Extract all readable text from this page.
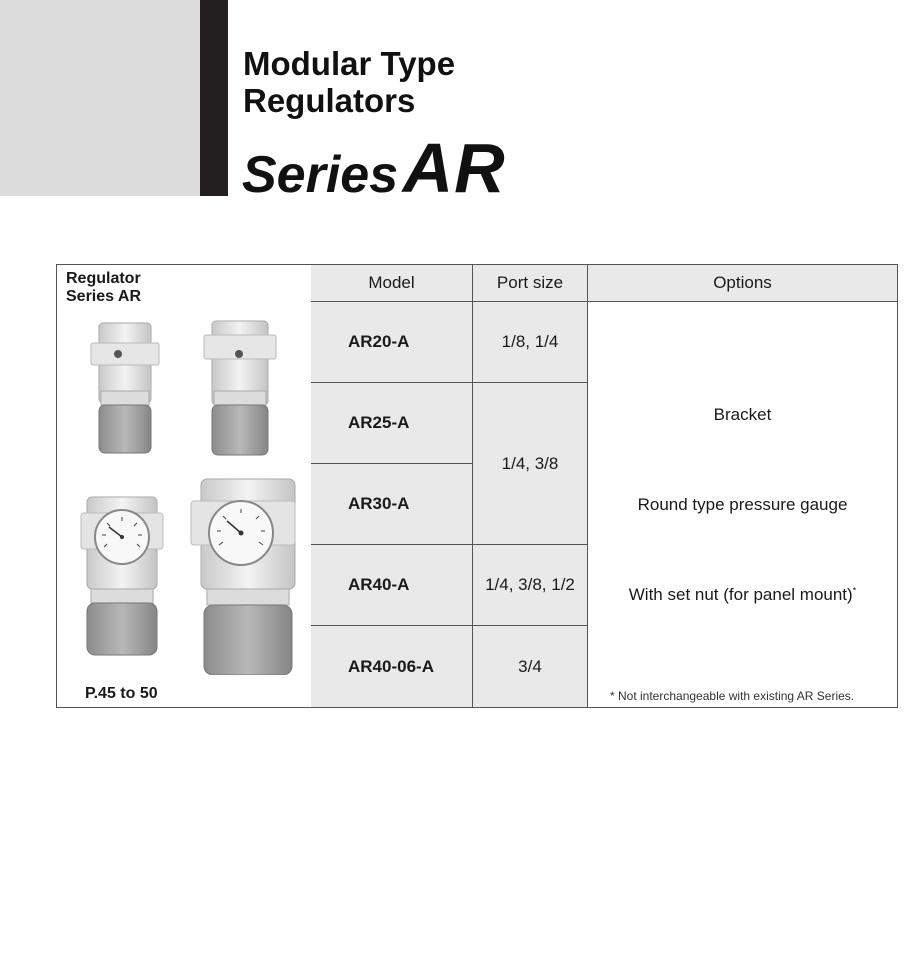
Modular Type
Regulators
Series AR
Regulator
Series AR
P.45 to 50
Model	Port size	Options
AR20-A
AR25-A
AR30-A
AR40-A
AR40-06-A
1/8, 1/4
1/4, 3/8
1/4, 3/8, 1/2
3/4
Bracket
Round type pressure gauge
With set nut (for panel mount)*
* Not interchangeable with existing AR Series.
